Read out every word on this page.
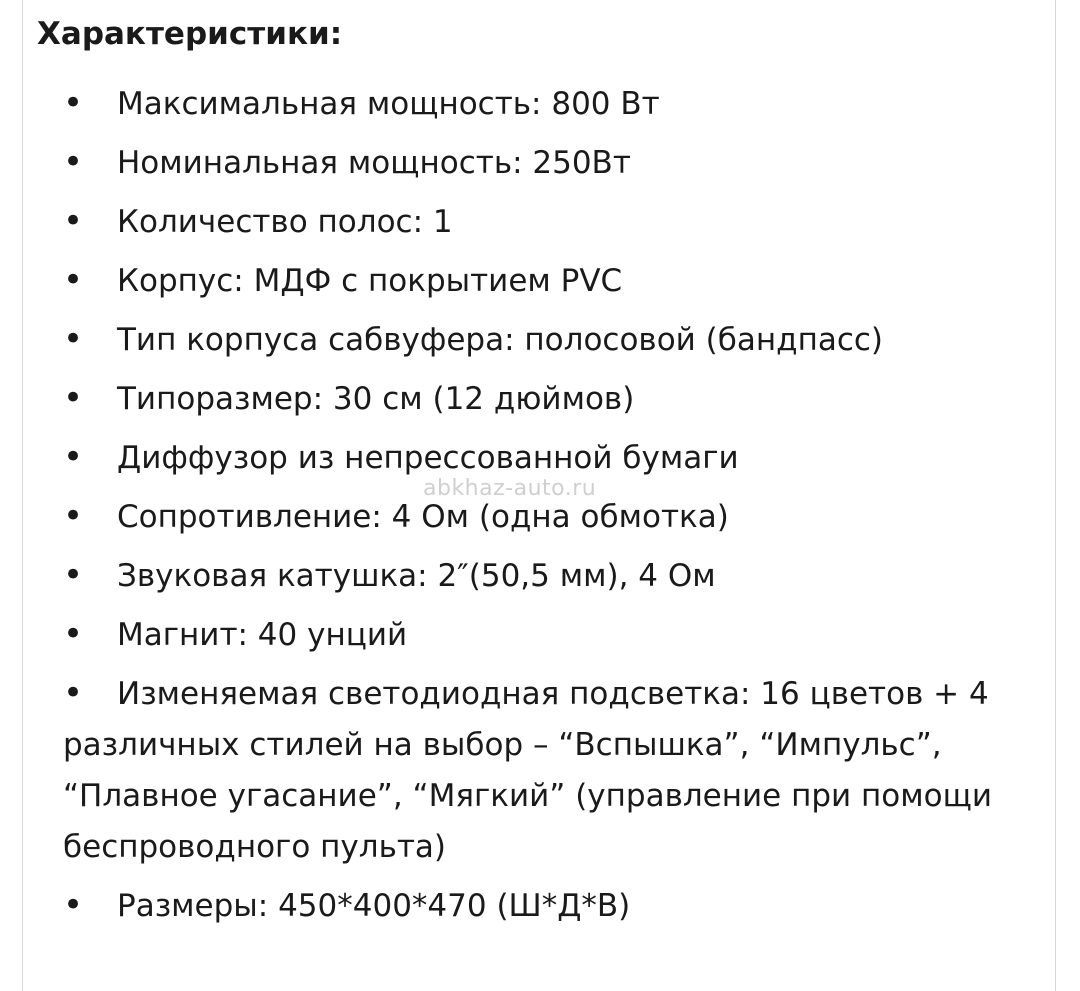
Характеристики:
• Максимальная мощность: 800 Вт
• Номинальная мощность: 250Вт
• Количество полос: 1
• Корпус: МДФ с покрытием PVC
• Тип корпуса сабвуфера: полосовой (бандпасс)
• Типоразмер: 30 см (12 дюймов)
• Диффузор из непрессованной бумаги
• Сопротивление: 4 Ом (одна обмотка)
• Звуковая катушка: 2″(50,5 мм), 4 Ом
• Магнит: 40 унций
• Изменяемая светодиодная подсветка: 16 цветов + 4 различных стилей на выбор – “Вспышка”, “Импульс”, “Плавное угасание”, “Мягкий” (управление при помощи беспроводного пульта)
• Размеры: 450*400*470 (Ш*Д*В)
abkhaz-auto.ru
